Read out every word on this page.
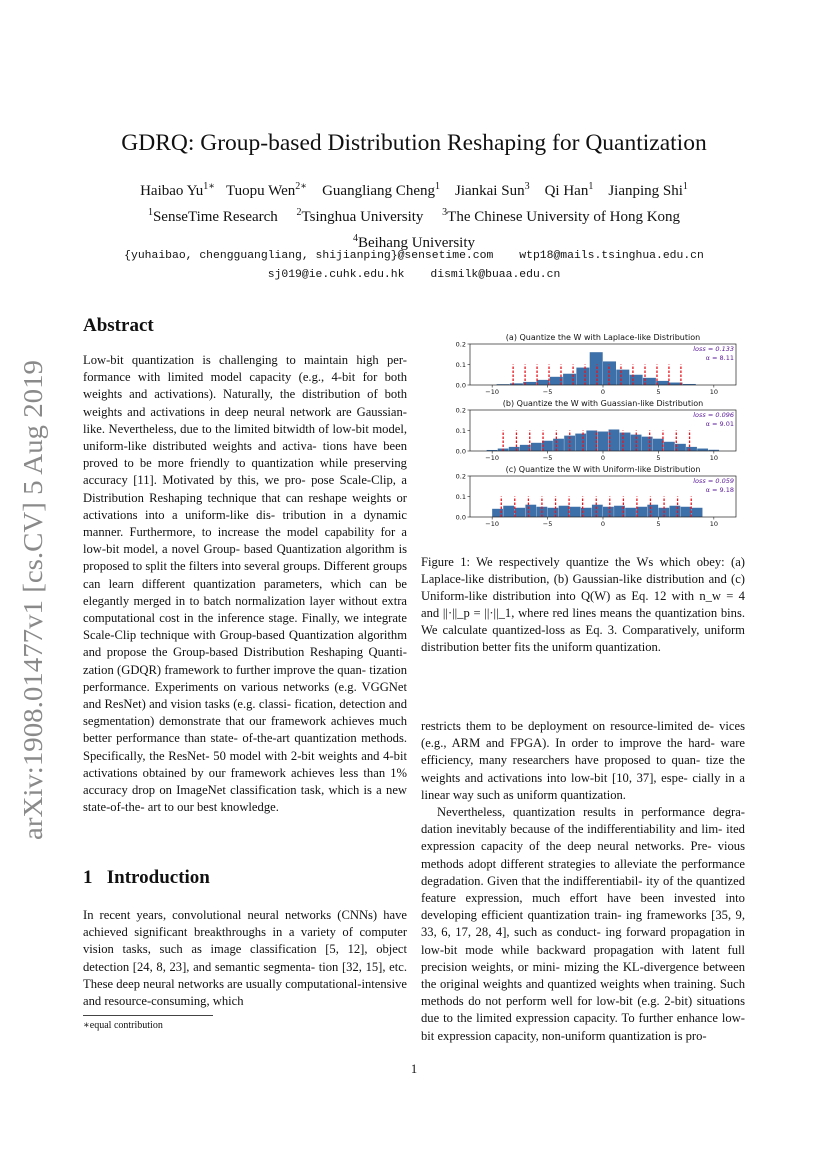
arXiv:1908.01477v1 [cs.CV] 5 Aug 2019
GDRQ: Group-based Distribution Reshaping for Quantization
Haibao $Yu^{1∗}$ Tuopu Wen$^{2∗}$ Guangliang Cheng$^1$ Jiankai Sun$^3$ Qi Han$^1$ Jianping Shi$^1$
$^1$SenseTime Research $^2$Tsinghua University $^3$The Chinese University of Hong Kong
$^4$Beihang University
{yuhaibao, chengguangliang, shijianping}@sensetime.com wtp18@mails.tsinghua.edu.cn
sj019@ie.cuhk.edu.hk dismilk@buaa.edu.cn
Abstract

Low-bit quantization is challenging to maintain high per- formance with limited model capacity (e.g., 4-bit for both weights and activations). Naturally, the distribution of both weights and activations in deep neural network are Gaussian-like. Nevertheless, due to the limited bitwidth of low-bit model, uniform-like distributed weights and activa- tions have been proved to be more friendly to quantization while preserving accuracy [11]. Motivated by this, we pro- pose Scale-Clip, a Distribution Reshaping technique that can reshape weights or activations into a uniform-like dis- tribution in a dynamic manner. Furthermore, to increase the model capability for a low-bit model, a novel Group- based Quantization algorithm is proposed to split the filters into several groups. Different groups can learn different quantization parameters, which can be elegantly merged in to batch normalization layer without extra computational cost in the inference stage. Finally, we integrate Scale-Clip technique with Group-based Quantization algorithm and propose the Group-based Distribution Reshaping Quanti- zation (GDQR) framework to further improve the quan- tization performance. Experiments on various networks (e.g. VGGNet and ResNet) and vision tasks (e.g. classi- fication, detection and segmentation) demonstrate that our framework achieves much better performance than state- of-the-art quantization methods. Specifically, the ResNet- 50 model with 2-bit weights and 4-bit activations obtained by our framework achieves less than 1% accuracy drop on ImageNet classification task, which is a new state-of-the- art to our best knowledge.

1 Introduction

In recent years, convolutional neural networks (CNNs) have achieved significant breakthroughs in a variety of computer vision tasks, such as image classification [5, 12], object detection [24, 8, 23], and semantic segmenta- tion [32, 15], etc. These deep neural networks are usually computational-intensive and resource-consuming, which

∗equal contribution
(a) Quantize the W with Laplace-like Distribution
0.0
0.1
0.2
−10	−5	0	5	10
loss = 0.133
α = 8.11
(b) Quantize the W with Guassian-like Distribution
0.0
0.1
0.2
−10	−5	0	5	10
loss = 0.096
α = 9.01
(c) Quantize the W with Uniform-like Distribution
0.0
0.1
0.2
−10	−5	0	5	10
loss = 0.059
α = 9.18
Figure 1: We respectively quantize the Ws which obey: (a) Laplace-like distribution, (b) Gaussian-like distribution and (c) Uniform-like distribution into Q(W) as Eq. 12 with n_w = 4 and ||·||_p = ||·||_1, where red lines means the quantization bins. We calculate quantized-loss as Eq. 3. Comparatively, uniform distribution better fits the uniform quantization.

restricts them to be deployment on resource-limited de- vices (e.g., ARM and FPGA). In order to improve the hard- ware efficiency, many researchers have proposed to quan- tize the weights and activations into low-bit [10, 37], espe- cially in a linear way such as uniform quantization.

Nevertheless, quantization results in performance degra- dation inevitably because of the indifferentiability and lim- ited expression capacity of the deep neural networks. Pre- vious methods adopt different strategies to alleviate the performance degradation. Given that the indifferentiabil- ity of the quantized feature expression, much effort have been invested into developing efficient quantization train- ing frameworks [35, 9, 33, 6, 17, 28, 4], such as conduct- ing forward propagation in low-bit mode while backward propagation with latent full precision weights, or mini- mizing the KL-divergence between the original weights and quantized weights when training. Such methods do not perform well for low-bit (e.g. 2-bit) situations due to the limited expression capacity. To further enhance low- bit expression capacity, non-uniform quantization is pro-

1
